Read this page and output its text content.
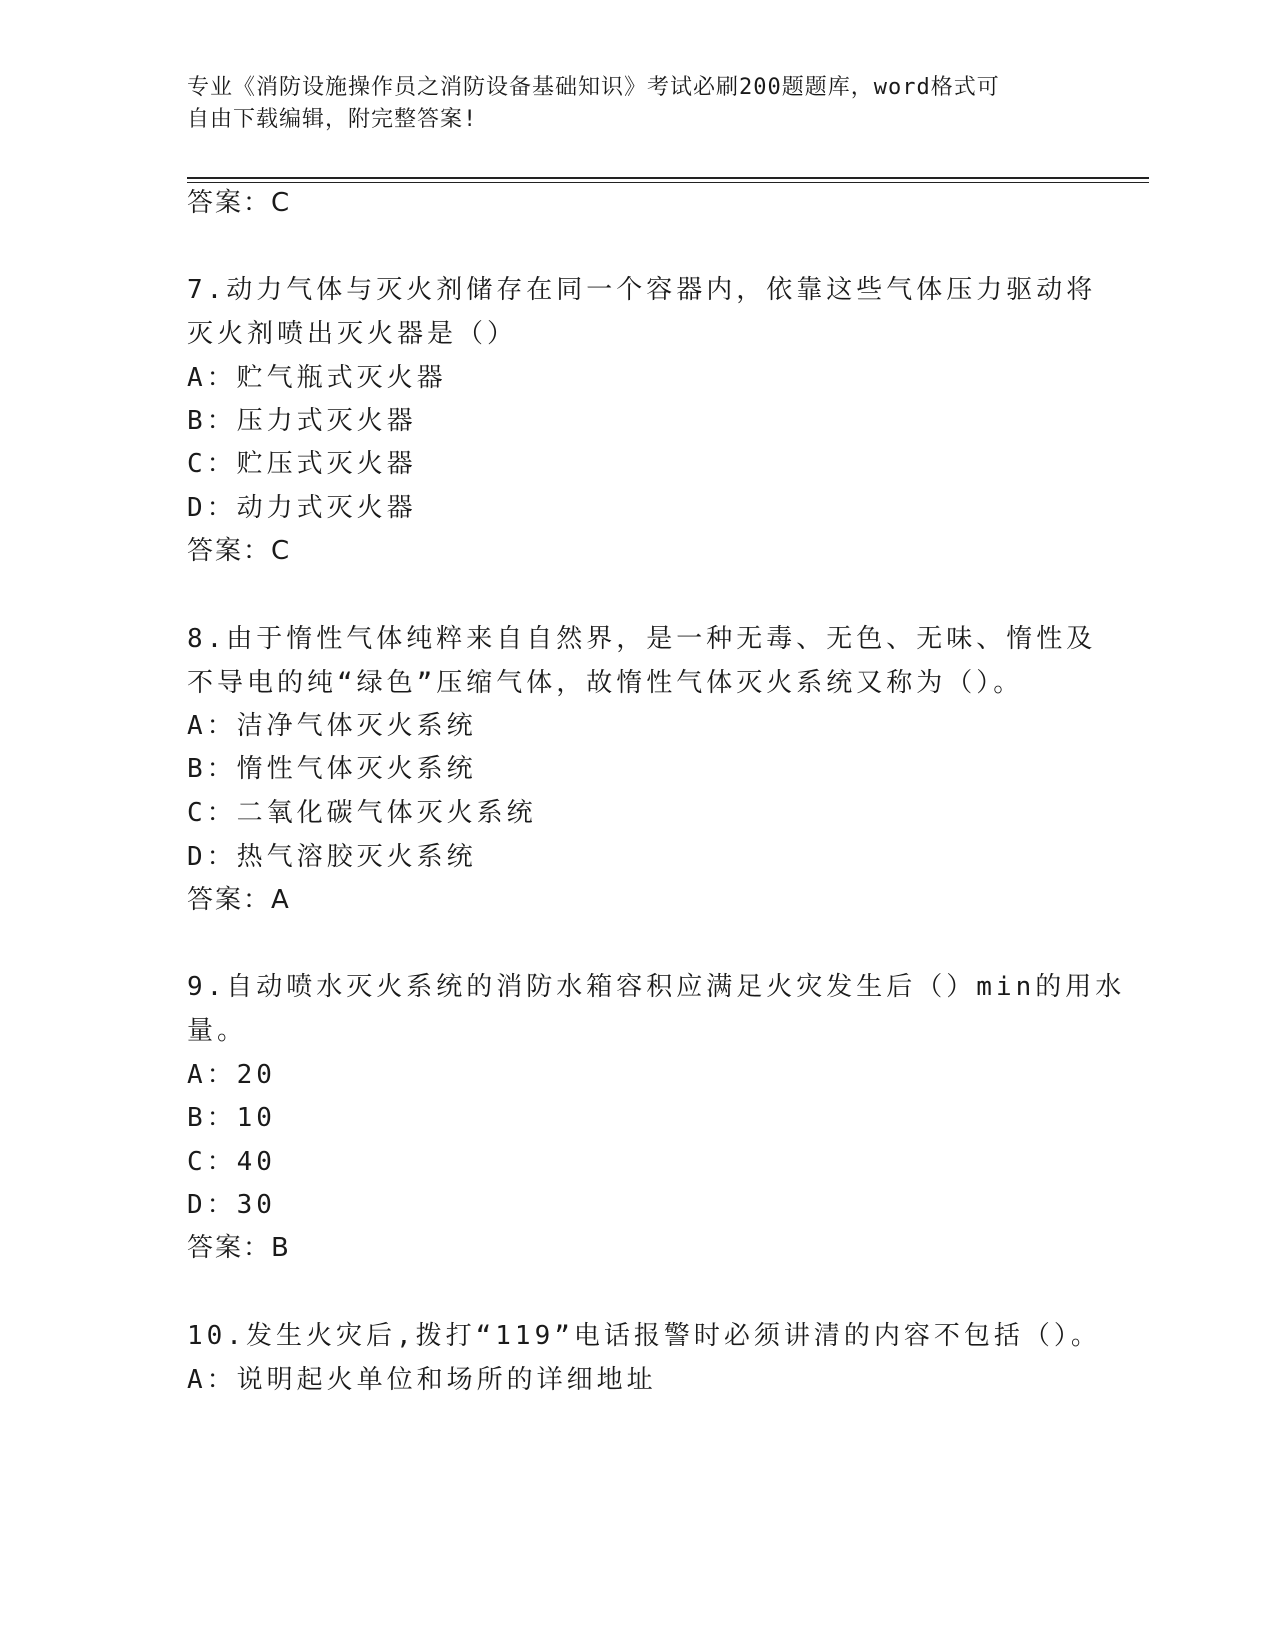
专业《消防设施操作员之消防设备基础知识》考试必刷200题题库，word格式可
自由下载编辑，附完整答案!
答案：C
7.动力气体与灭火剂储存在同一个容器内，依靠这些气体压力驱动将
灭火剂喷出灭火器是（）
A：贮气瓶式灭火器
B：压力式灭火器
C：贮压式灭火器
D：动力式灭火器
答案：C
8.由于惰性气体纯粹来自自然界，是一种无毒、无色、无味、惰性及
不导电的纯“绿色”压缩气体，故惰性气体灭火系统又称为（）。
A：洁净气体灭火系统
B：惰性气体灭火系统
C：二氧化碳气体灭火系统
D：热气溶胶灭火系统
答案：A
9.自动喷水灭火系统的消防水箱容积应满足火灾发生后（）min的用水
量。
A：20
B：10
C：40
D：30
答案：B
10.发生火灾后,拨打“119”电话报警时必须讲清的内容不包括（）。
A：说明起火单位和场所的详细地址
